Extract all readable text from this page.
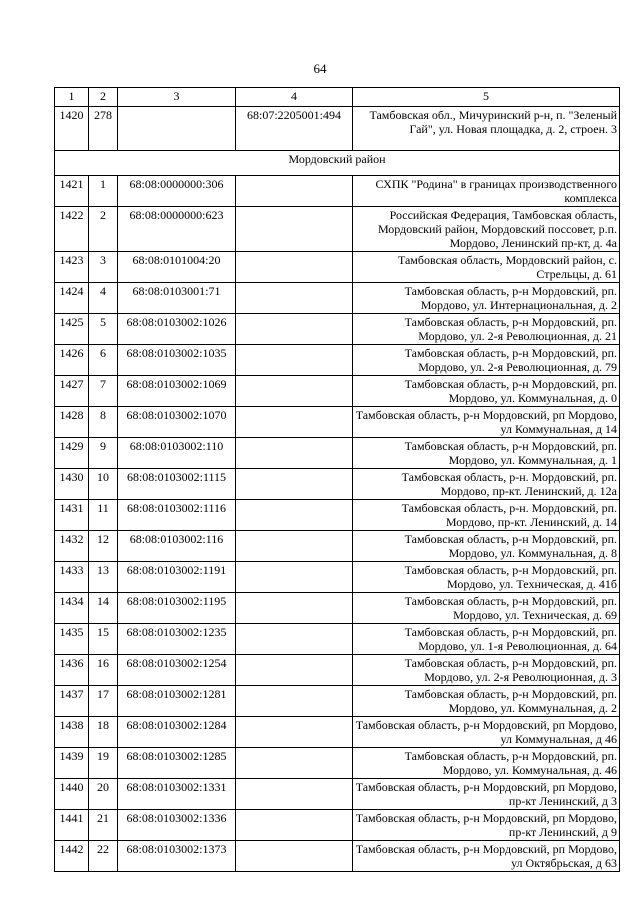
64
1	2	3	4	5
1420	278		68:07:2205001:494	Тамбовская обл., Мичуринский р-н, п. "Зеленый Гай", ул. Новая площадка, д. 2, строен. 3
Мордовский район				
1421	1	68:08:0000000:306		СХПК "Родина" в границах производственного комплекса
1422	2	68:08:0000000:623		Российская Федерация, Тамбовская область, Мордовский район, Мордовский поссовет, р.п. Мордово, Ленинский пр-кт, д. 4а
1423	3	68:08:0101004:20		Тамбовская область, Мордовский район, с. Стрельцы, д. 61
1424	4	68:08:0103001:71		Тамбовская область, р-н Мордовский, рп. Мордово, ул. Интернациональная, д. 2
1425	5	68:08:0103002:1026		Тамбовская область, р-н Мордовский, рп. Мордово, ул. 2-я Революционная, д. 21
1426	6	68:08:0103002:1035		Тамбовская область, р-н Мордовский, рп. Мордово, ул. 2-я Революционная, д. 79
1427	7	68:08:0103002:1069		Тамбовская область, р-н Мордовский, рп. Мордово, ул. Коммунальная, д. 0
1428	8	68:08:0103002:1070		Тамбовская область, р-н Мордовский, рп Мордово, ул Коммунальная, д 14
1429	9	68:08:0103002:110		Тамбовская область, р-н Мордовский, рп. Мордово, ул. Коммунальная, д. 1
1430	10	68:08:0103002:1115		Тамбовская область, р-н. Мордовский, рп. Мордово, пр-кт. Ленинский, д. 12а
1431	11	68:08:0103002:1116		Тамбовская область, р-н. Мордовский, рп. Мордово, пр-кт. Ленинский, д. 14
1432	12	68:08:0103002:116		Тамбовская область, р-н Мордовский, рп. Мордово, ул. Коммунальная, д. 8
1433	13	68:08:0103002:1191		Тамбовская область, р-н Мордовский, рп. Мордово, ул. Техническая, д. 41б
1434	14	68:08:0103002:1195		Тамбовская область, р-н Мордовский, рп. Мордово, ул. Техническая, д. 69
1435	15	68:08:0103002:1235		Тамбовская область, р-н Мордовский, рп. Мордово, ул. 1-я Революционная, д. 64
1436	16	68:08:0103002:1254		Тамбовская область, р-н Мордовский, рп. Мордово, ул. 2-я Революционная, д. 3
1437	17	68:08:0103002:1281		Тамбовская область, р-н Мордовский, рп. Мордово, ул. Коммунальная, д. 2
1438	18	68:08:0103002:1284		Тамбовская область, р-н Мордовский, рп Мордово, ул Коммунальная, д 46
1439	19	68:08:0103002:1285		Тамбовская область, р-н Мордовский, рп. Мордово, ул. Коммунальная, д. 46
1440	20	68:08:0103002:1331		Тамбовская область, р-н Мордовский, рп Мордово, пр-кт Ленинский, д 3
1441	21	68:08:0103002:1336		Тамбовская область, р-н Мордовский, рп Мордово, пр-кт Ленинский, д 9
1442	22	68:08:0103002:1373		Тамбовская область, р-н Мордовский, рп Мордово, ул Октябрьская, д 63
